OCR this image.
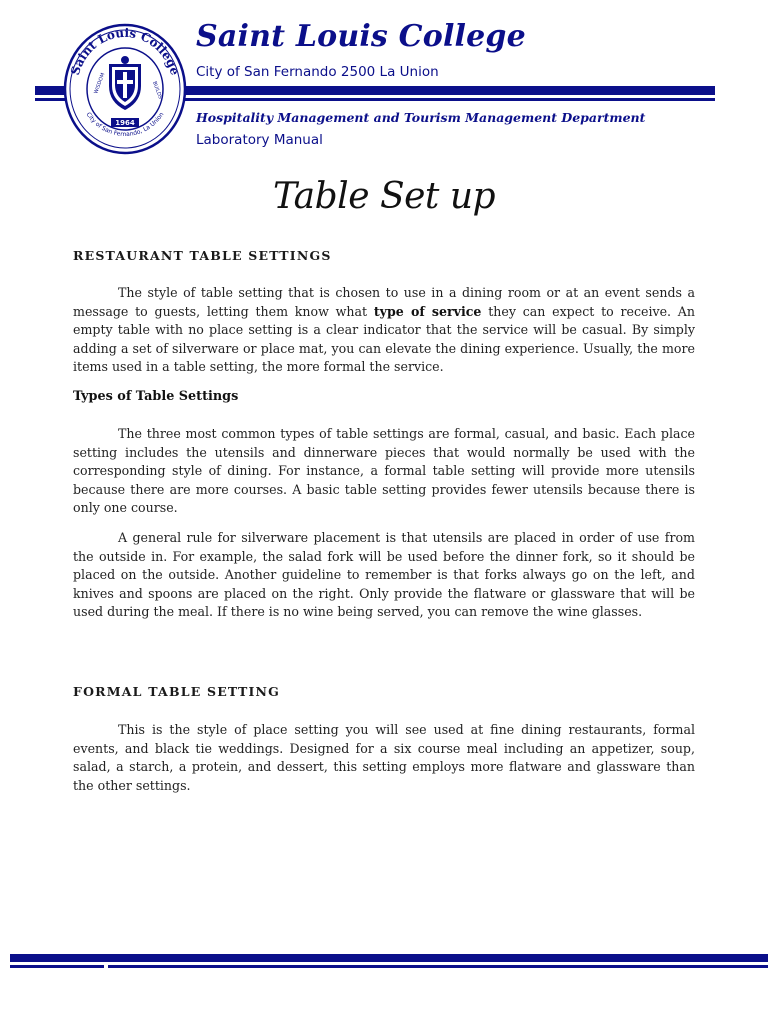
Saint Louis College
City of San Fernando, La Union
WISDOM	BUILDS
1964
Saint Louis College
City of San Fernando 2500 La Union
Hospitality Management and Tourism Management Department
Laboratory Manual
Table Set up
RESTAURANT TABLE SETTINGS

The style of table setting that is chosen to use in a dining room or at an event sends a message to guests, letting them know what type of service they can expect to receive. An empty table with no place setting is a clear indicator that the service will be casual. By simply adding a set of silverware or place mat, you can elevate the dining experience. Usually, the more items used in a table setting, the more formal the service.

Types of Table Settings

The three most common types of table settings are formal, casual, and basic. Each place setting includes the utensils and dinnerware pieces that would normally be used with the corresponding style of dining. For instance, a formal table setting will provide more utensils because there are more courses. A basic table setting provides fewer utensils because there is only one course.

A general rule for silverware placement is that utensils are placed in order of use from the outside in. For example, the salad fork will be used before the dinner fork, so it should be placed on the outside. Another guideline to remember is that forks always go on the left, and knives and spoons are placed on the right. Only provide the flatware or glassware that will be used during the meal. If there is no wine being served, you can remove the wine glasses.

FORMAL TABLE SETTING

This is the style of place setting you will see used at fine dining restaurants, formal events, and black tie weddings. Designed for a six course meal including an appetizer, soup, salad, a starch, a protein, and dessert, this setting employs more flatware and glassware than the other settings.
